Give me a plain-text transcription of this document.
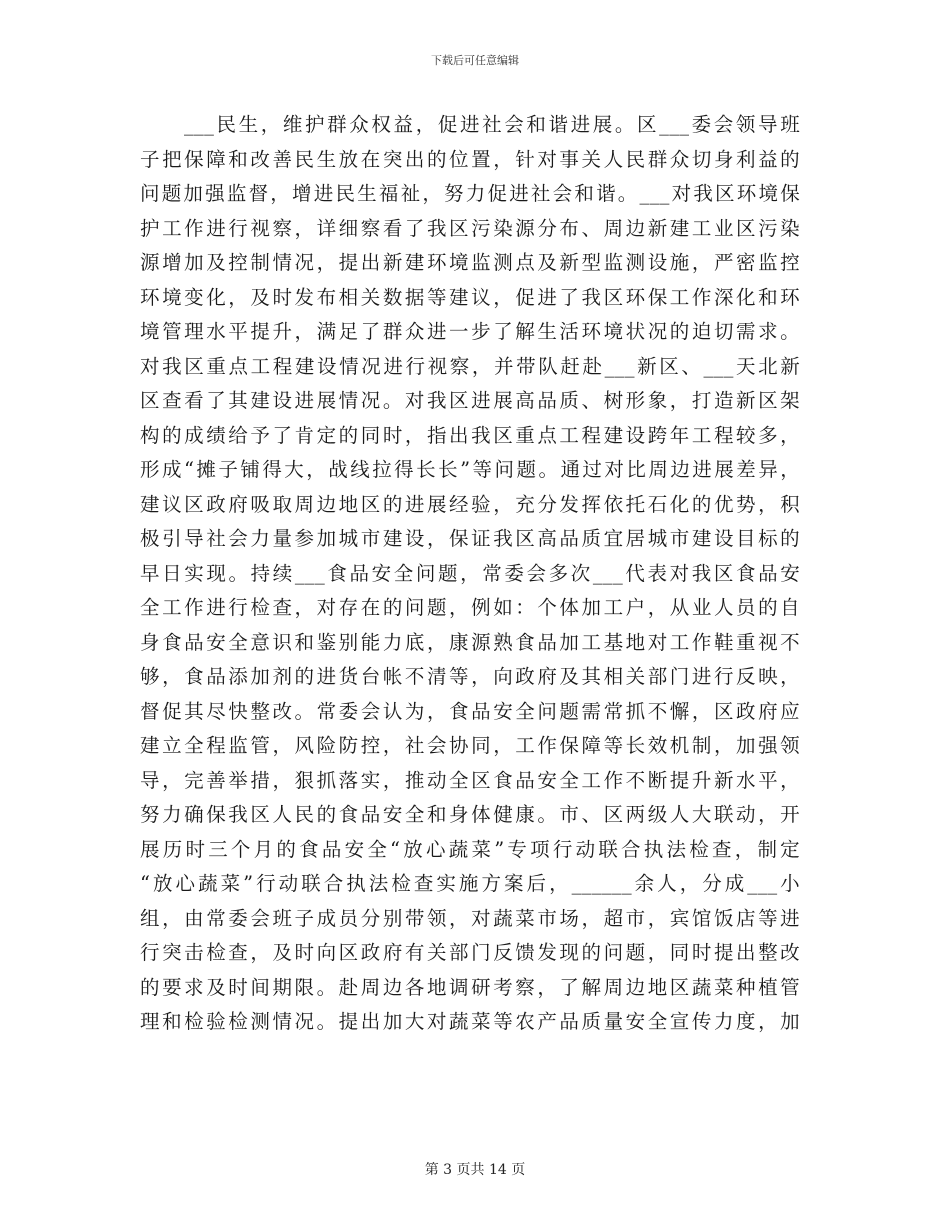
下载后可任意编辑
___民生，维护群众权益，促进社会和谐进展。区___委会领导班
子把保障和改善民生放在突出的位置，针对事关人民群众切身利益的
问题加强监督，增进民生福祉，努力促进社会和谐。___对我区环境保
护工作进行视察，详细察看了我区污染源分布、周边新建工业区污染
源增加及控制情况，提出新建环境监测点及新型监测设施，严密监控
环境变化，及时发布相关数据等建议，促进了我区环保工作深化和环
境管理水平提升，满足了群众进一步了解生活环境状况的迫切需求。
对我区重点工程建设情况进行视察，并带队赶赴___新区、___天北新
区查看了其建设进展情况。对我区进展高品质、树形象，打造新区架
构的成绩给予了肯定的同时，指出我区重点工程建设跨年工程较多，
形成“摊子铺得大，战线拉得长长”等问题。通过对比周边进展差异，
建议区政府吸取周边地区的进展经验，充分发挥依托石化的优势，积
极引导社会力量参加城市建设，保证我区高品质宜居城市建设目标的
早日实现。持续___食品安全问题，常委会多次___代表对我区食品安
全工作进行检查，对存在的问题，例如：个体加工户，从业人员的自
身食品安全意识和鉴别能力底，康源熟食品加工基地对工作鞋重视不
够，食品添加剂的进货台帐不清等，向政府及其相关部门进行反映，
督促其尽快整改。常委会认为，食品安全问题需常抓不懈，区政府应
建立全程监管，风险防控，社会协同，工作保障等长效机制，加强领
导，完善举措，狠抓落实，推动全区食品安全工作不断提升新水平，
努力确保我区人民的食品安全和身体健康。市、区两级人大联动，开
展历时三个月的食品安全“放心蔬菜”专项行动联合执法检查，制定
“放心蔬菜”行动联合执法检查实施方案后，______余人，分成___小
组，由常委会班子成员分别带领，对蔬菜市场，超市，宾馆饭店等进
行突击检查，及时向区政府有关部门反馈发现的问题，同时提出整改
的要求及时间期限。赴周边各地调研考察，了解周边地区蔬菜种植管
理和检验检测情况。提出加大对蔬菜等农产品质量安全宣传力度，加
第 3 页共 14 页
